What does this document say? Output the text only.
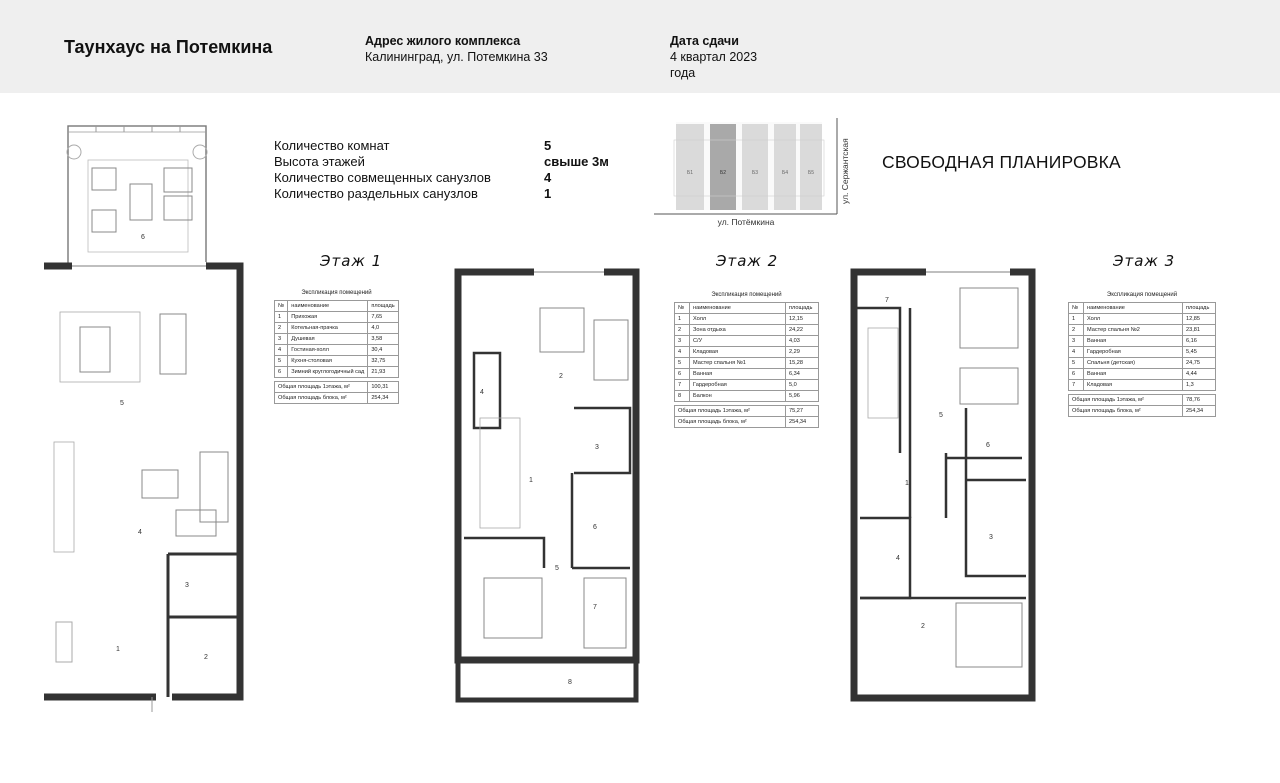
Таунхаус на Потемкина	Адрес жилого комплекса
Калининград, ул. Потемкина 33
Дата сдачи
4 квартал 2023 года
Количество комнат	5
Высота этажей	свыше 3м
Количество совмещенных санузлов	4
Количество раздельных санузлов	1
Б1	Б2	Б3	Б4	Б5
ул. Потёмкина
ул. Сержантская СВОБОДНАЯ ПЛАНИРОВКА
Этаж 1	Этаж 2	Этаж 3
Экспликация помещений
№	наименование	площадь
1	Прихожая	7,65
2	Котельная-прачка	4,0
3	Душевая	3,58
4	Гостиная-холл	30,4
5	Кухня-столовая	32,75
6	Зимний круглогодичный сад	21,93

Общая площадь 1этажа, м²		100,31
Общая площадь блока, м²		254,34
Экспликация помещений
№	наименование	площадь
1	Холл	12,15
2	Зона отдыха	24,22
3	С/У	4,03
4	Кладовая	2,29
5	Мастер спальня №1	15,28
6	Ванная	6,34
7	Гардеробная	5,0
8	Балкон	5,96

Общая площадь 1этажа, м²		75,27
Общая площадь блока, м²		254,34
Экспликация помещений
№	наименование	площадь
1	Холл	12,85
2	Мастер спальня №2	23,81
3	Ванная	6,16
4	Гардеробная	5,45
5	Спальня (детская)	24,75
6	Ванная	4,44
7	Кладовая	1,3

Общая площадь 1этажа, м²		78,76
Общая площадь блока, м²		254,34
6
5
4
3
2
1
2
4
3
1
6
5
7
8
7
5
6
1
3
4
2
